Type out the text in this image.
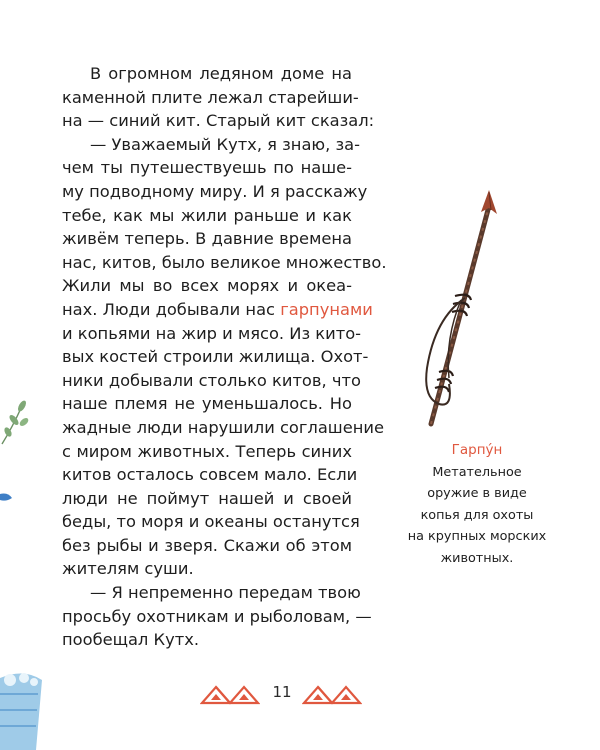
В огромном ледяном доме на
каменной плите лежал старейши-
на — синий кит. Старый кит сказал:

— Уважаемый Кутх, я знаю, за-
чем ты путешествуешь по наше-
му подводному миру. И я расскажу
тебе, как мы жили раньше и как
живём теперь. В давние времена
нас, китов, было великое множество.
Жили мы во всех морях и океа-
нах. Люди добывали нас гарпунами
и копьями на жир и мясо. Из кито-
вых костей строили жилища. Охот-
ники добывали столько китов, что
наше племя не уменьшалось. Но
жадные люди нарушили соглашение
с миром животных. Теперь синих
китов осталось совсем мало. Если
люди не поймут нашей и своей
беды, то моря и океаны останутся
без рыбы и зверя. Скажи об этом
жителям суши.

— Я непременно передам твою
просьбу охотникам и рыболовам, —
пообещал Кутх.

Гарпу́н
Метательное
оружие в виде
копья для охоты
на крупных морских
животных.
11
